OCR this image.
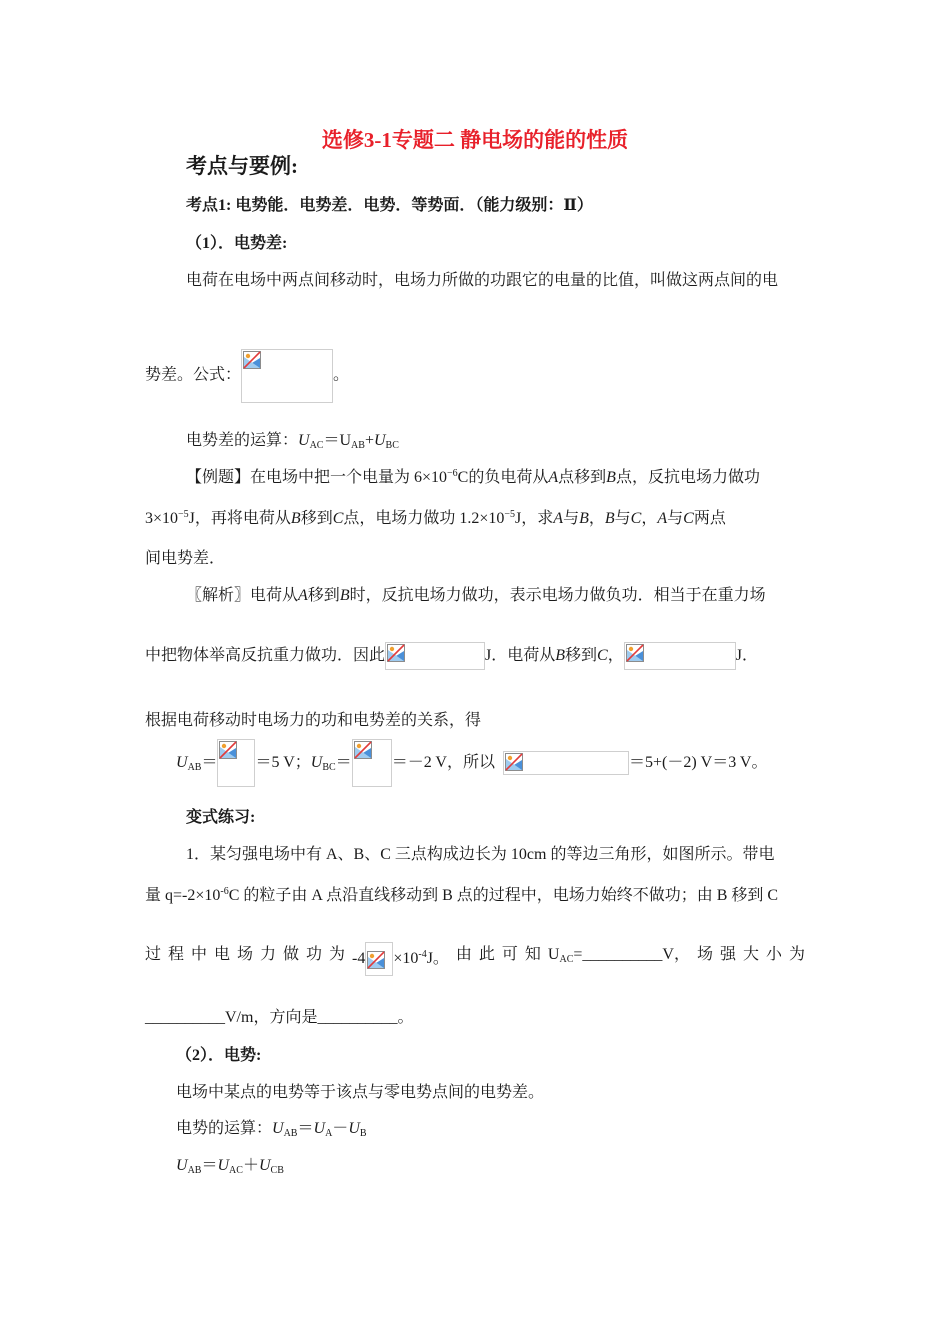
选修3-1专题二 静电场的能的性质
考点与要例:
考点1: 电势能．电势差．电势．等势面．（能力级别：Ⅱ）
（1）．电势差:
电荷在电场中两点间移动时，电场力所做的功跟它的电量的比值，叫做这两点间的电
势差。公式：	。
电势差的运算：$U_{AC}=U_{AB}+U_{BC}$
【例题】在电场中把一个电量为 $6\times 10^{-6}C$的负电荷从A点移到B点，反抗电场力做功
$3\times 10^{-5}J$，再将电荷从B移到C点，电场力做功 $1.2\times 10^{-5}J$，求A与B，B与C，A与C两点
间电势差．
〖解析〗电荷从A移到B时，反抗电场力做功，表示电场力做负功．相当于在重力场
中把物体举高反抗重力做功．因此	J．电荷从B移到C，	J．
根据电荷移动时电场力的功和电势差的关系，得
$U_{AB}= =5$ V；$U_{BC}=$	＝－2 V，所以	＝5+(－2) V＝3 V。
变式练习:
1．某匀强电场中有 A、B、C 三点构成边长为 10cm 的等边三角形，如图所示。带电
量 $q=-2\times 10^{-6}C$ 的粒子由 A 点沿直线移动到 B 点的过程中，电场力始终不做功；由 B 移到 C
过 程 中 电 场 力 做 功 为 $-4 \times 10^{-4}J$。 由 此 可 知 $U_{AC}=\_\_\_\_\_\_\_\_\_\_V$， 场 强 大 小 为
__________V/m，方向是__________。
（2）．电势:
电场中某点的电势等于该点与零电势点间的电势差。
电势的运算：$U_{AB}=U_A-U_B$
$U_{AB}=U_{AC}+U_{CB}$
